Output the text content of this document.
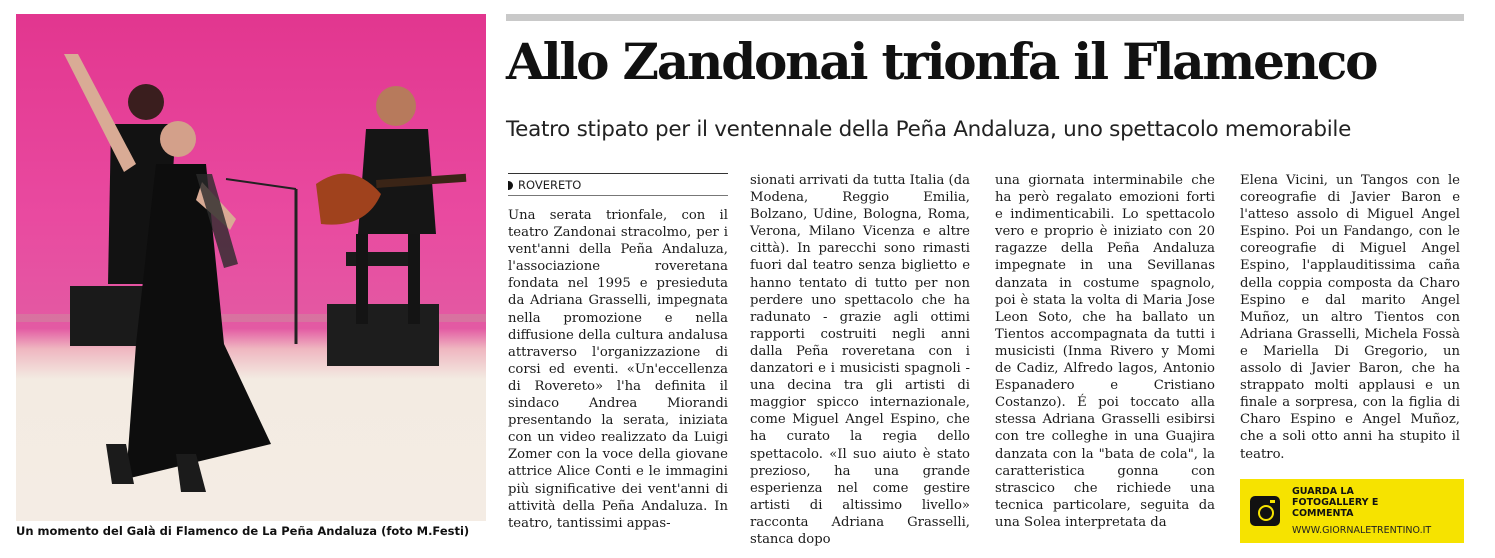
Un momento del Galà di Flamenco de La Peña Andaluza (foto M.Festi)
Allo Zandonai trionfa il Flamenco
Teatro stipato per il ventennale della Peña Andaluza, uno spettacolo memorabile
ROVERETO

Una serata trionfale, con il teatro Zandonai stracolmo, per i vent'anni della Peña Andaluza, l'associazione roveretana fondata nel 1995 e presieduta da Adriana Grasselli, impegnata nella promozione e nella diffusione della cultura andalusa attraverso l'organizzazione di corsi ed eventi. «Un'eccellenza di Rovereto» l'ha definita il sindaco Andrea Miorandi presentando la serata, iniziata con un video realizzato da Luigi Zomer con la voce della giovane attrice Alice Conti e le immagini più significative dei vent'anni di attività della Peña Andaluza. In teatro, tantissimi appas-

sionati arrivati da tutta Italia (da Modena, Reggio Emilia, Bolzano, Udine, Bologna, Roma, Verona, Milano Vicenza e altre città). In parecchi sono rimasti fuori dal teatro senza biglietto e hanno tentato di tutto per non perdere uno spettacolo che ha radunato - grazie agli ottimi rapporti costruiti negli anni dalla Peña roveretana con i danzatori e i musicisti spagnoli - una decina tra gli artisti di maggior spicco internazionale, come Miguel Angel Espino, che ha curato la regia dello spettacolo. «Il suo aiuto è stato prezioso, ha una grande esperienza nel come gestire artisti di altissimo livello» racconta Adriana Grasselli, stanca dopo

una giornata interminabile che ha però regalato emozioni forti e indimenticabili. Lo spettacolo vero e proprio è iniziato con 20 ragazze della Peña Andaluza impegnate in una Sevillanas danzata in costume spagnolo, poi è stata la volta di Maria Jose Leon Soto, che ha ballato un Tientos accompagnata da tutti i musicisti (Inma Rivero y Momi de Cadiz, Alfredo lagos, Antonio Espanadero e Cristiano Costanzo). É poi toccato alla stessa Adriana Grasselli esibirsi con tre colleghe in una Guajira danzata con la "bata de cola", la caratteristica gonna con strascico che richiede una tecnica particolare, seguita da una Solea interpretata da

Elena Vicini, un Tangos con le coreografie di Javier Baron e l'atteso assolo di Miguel Angel Espino. Poi un Fandango, con le coreografie di Miguel Angel Espino, l'applauditissima caña della coppia composta da Charo Espino e dal marito Angel Muñoz, un altro Tientos con Adriana Grasselli, Michela Fossà e Mariella Di Gregorio, un assolo di Javier Baron, che ha strappato molti applausi e un finale a sorpresa, con la figlia di Charo Espino e Angel Muñoz, che a soli otto anni ha stupito il teatro.

GUARDA LA FOTOGALLERY E COMMENTA
WWW.GIORNALETRENTINO.IT
